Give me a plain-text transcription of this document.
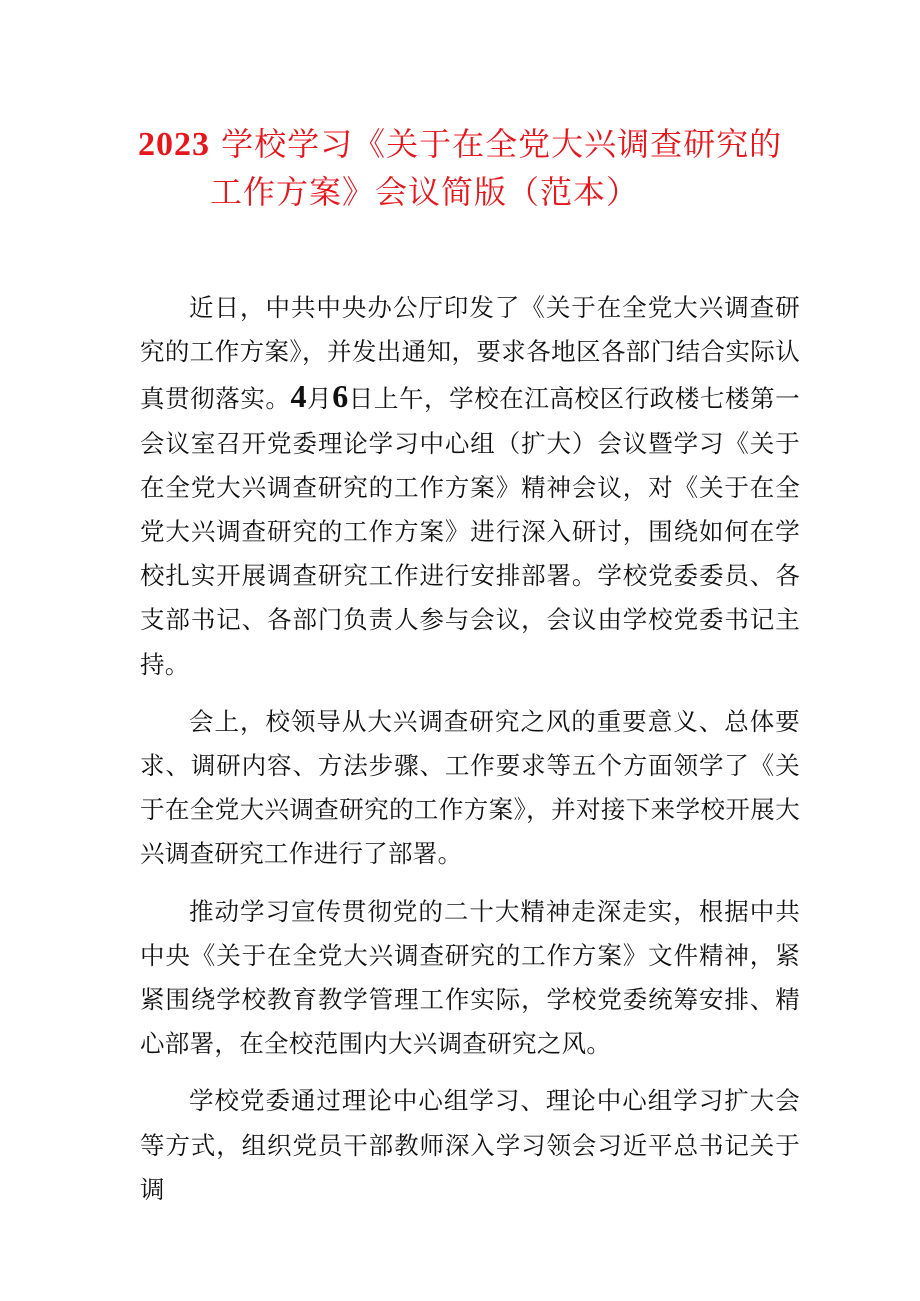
2023 学校学习《关于在全党大兴调查研究的
工作方案》会议简版（范本）

近日，中共中央办公厅印发了《关于在全党大兴调查研究的工作方案》，并发出通知，要求各地区各部门结合实际认真贯彻落实。4月6日上午，学校在江高校区行政楼七楼第一会议室召开党委理论学习中心组（扩大）会议暨学习《关于在全党大兴调查研究的工作方案》精神会议，对《关于在全党大兴调查研究的工作方案》进行深入研讨，围绕如何在学校扎实开展调查研究工作进行安排部署。学校党委委员、各支部书记、各部门负责人参与会议，会议由学校党委书记主持。

会上，校领导从大兴调查研究之风的重要意义、总体要求、调研内容、方法步骤、工作要求等五个方面领学了《关于在全党大兴调查研究的工作方案》，并对接下来学校开展大兴调查研究工作进行了部署。

推动学习宣传贯彻党的二十大精神走深走实，根据中共中央《关于在全党大兴调查研究的工作方案》文件精神，紧紧围绕学校教育教学管理工作实际，学校党委统筹安排、精心部署，在全校范围内大兴调查研究之风。

学校党委通过理论中心组学习、理论中心组学习扩大会等方式，组织党员干部教师深入学习领会习近平总书记关于调
